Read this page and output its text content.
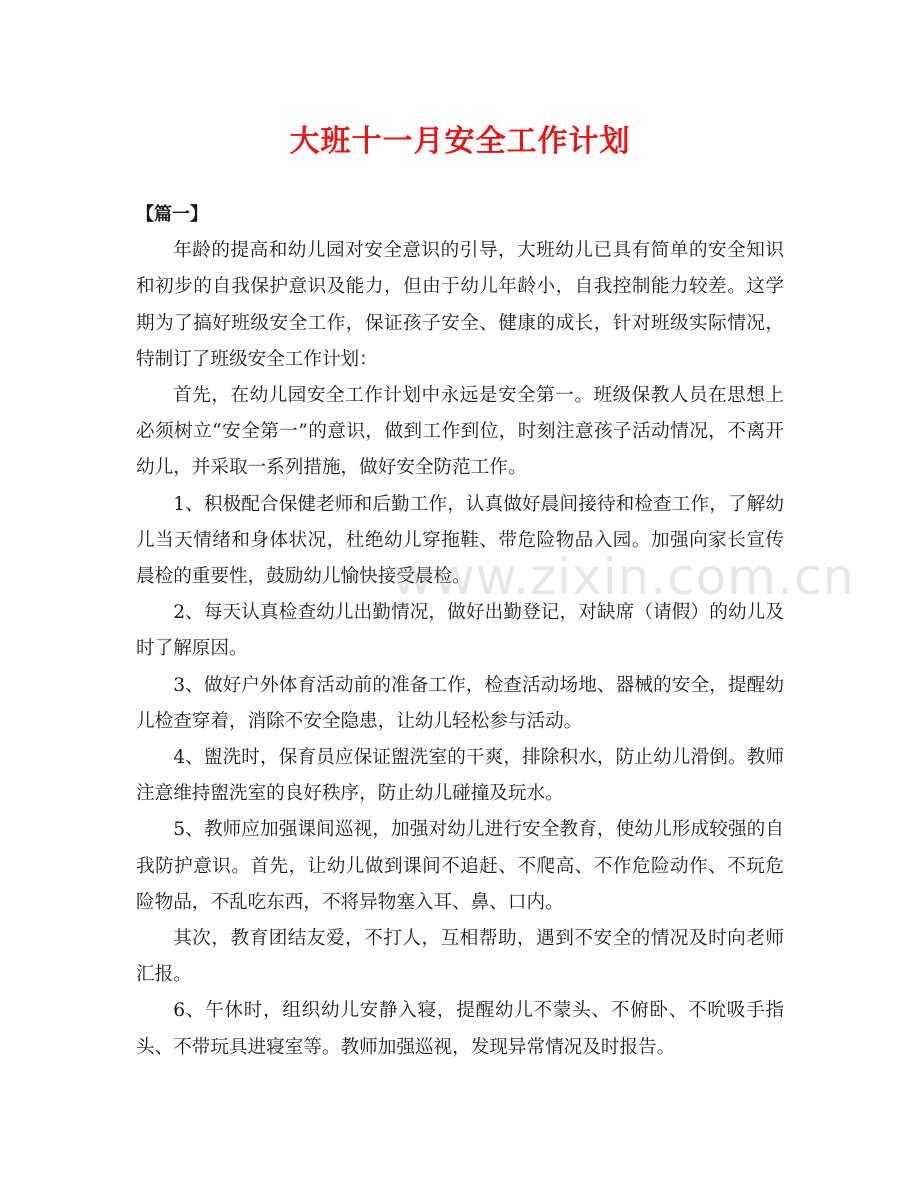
大班十一月安全工作计划

【篇一】

年龄的提高和幼儿园对安全意识的引导，大班幼儿已具有简单的安全知识和初步的自我保护意识及能力，但由于幼儿年龄小，自我控制能力较差。这学期为了搞好班级安全工作，保证孩子安全、健康的成长，针对班级实际情况，特制订了班级安全工作计划：

首先，在幼儿园安全工作计划中永远是安全第一。班级保教人员在思想上必须树立“安全第一”的意识，做到工作到位，时刻注意孩子活动情况，不离开幼儿，并采取一系列措施，做好安全防范工作。

1、积极配合保健老师和后勤工作，认真做好晨间接待和检查工作，了解幼儿当天情绪和身体状况，杜绝幼儿穿拖鞋、带危险物品入园。加强向家长宣传晨检的重要性，鼓励幼儿愉快接受晨检。

2、每天认真检查幼儿出勤情况，做好出勤登记，对缺席（请假）的幼儿及时了解原因。

3、做好户外体育活动前的准备工作，检查活动场地、器械的安全，提醒幼儿检查穿着，消除不安全隐患，让幼儿轻松参与活动。

4、盥洗时，保育员应保证盥洗室的干爽，排除积水，防止幼儿滑倒。教师注意维持盥洗室的良好秩序，防止幼儿碰撞及玩水。

5、教师应加强课间巡视，加强对幼儿进行安全教育，使幼儿形成较强的自我防护意识。首先，让幼儿做到课间不追赶、不爬高、不作危险动作、不玩危险物品，不乱吃东西，不将异物塞入耳、鼻、口内。

其次，教育团结友爱，不打人，互相帮助，遇到不安全的情况及时向老师汇报。

6、午休时，组织幼儿安静入寝，提醒幼儿不蒙头、不俯卧、不吮吸手指头、不带玩具进寝室等。教师加强巡视，发现异常情况及时报告。

www.zixin.com.cn
